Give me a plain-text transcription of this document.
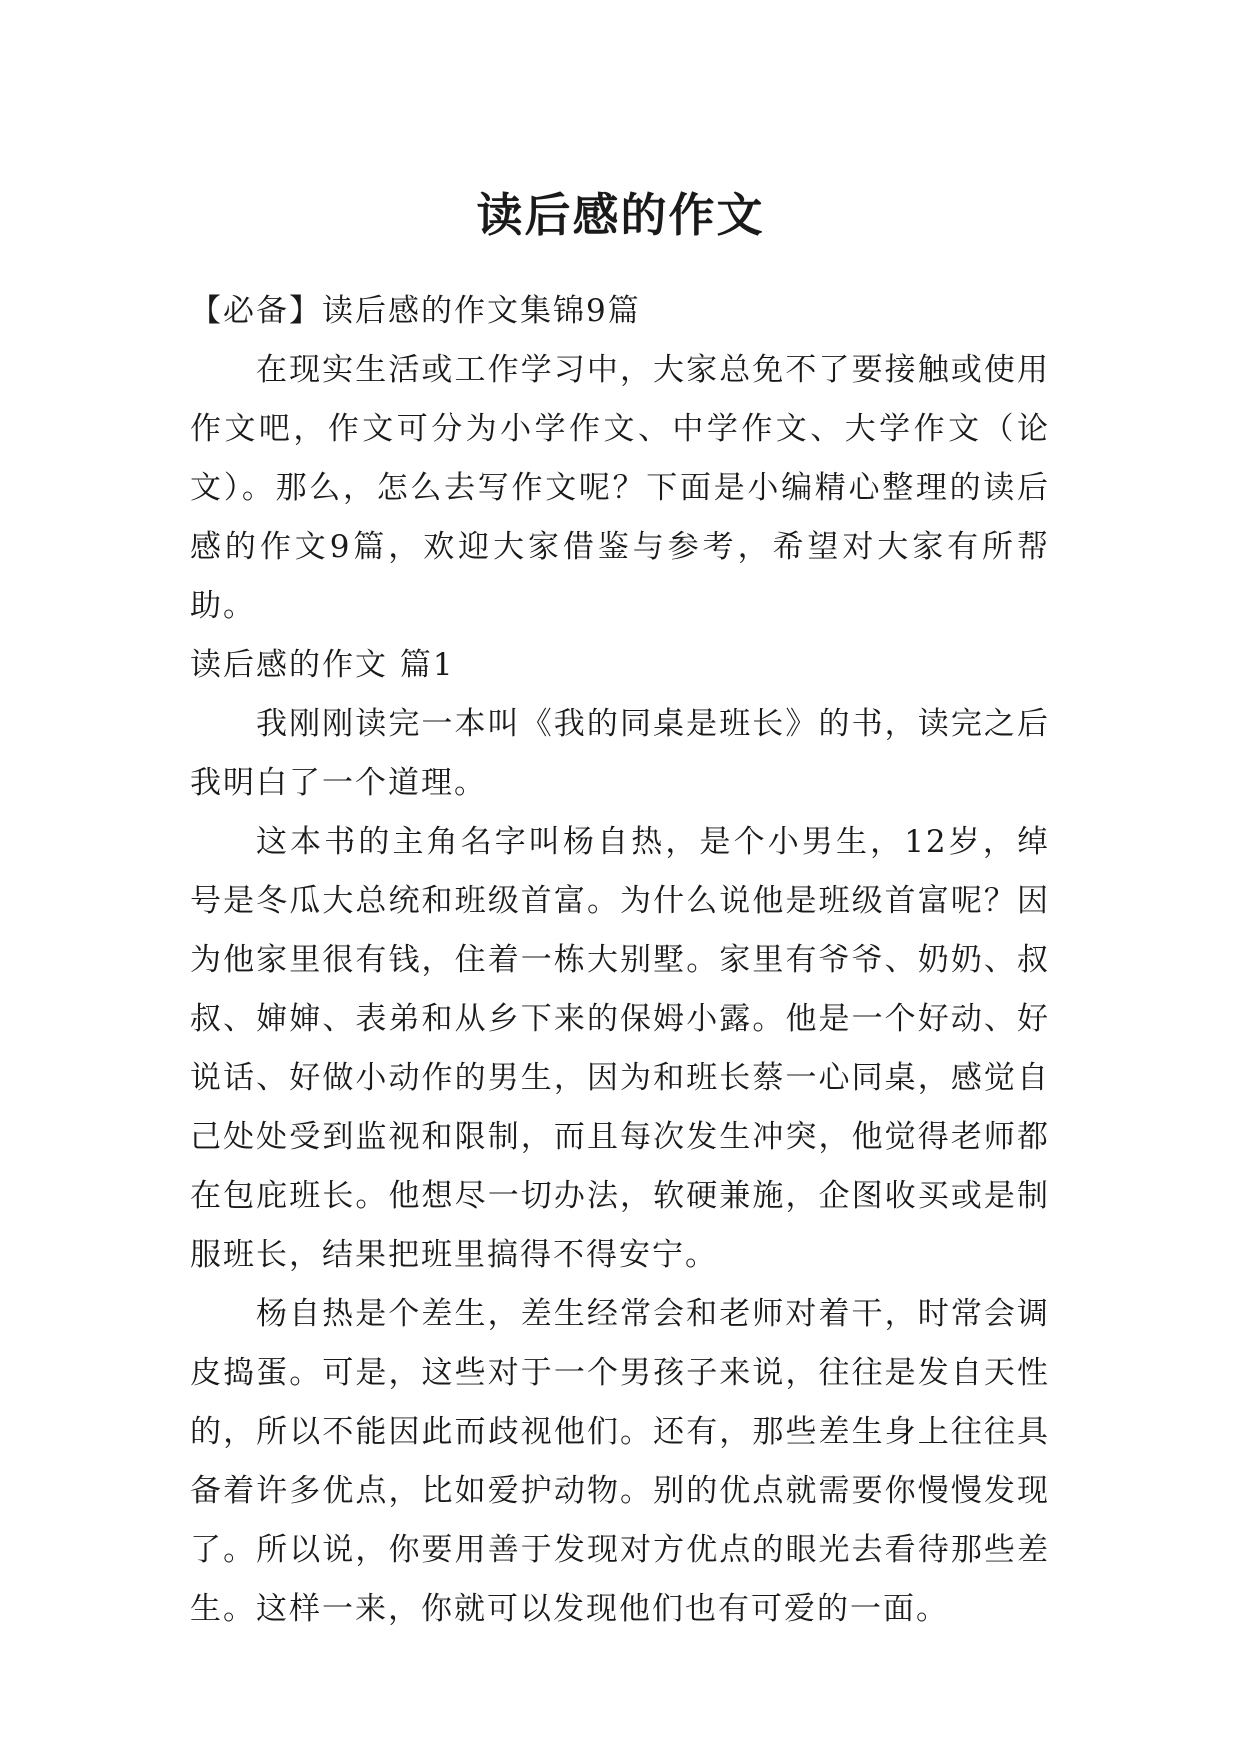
读后感的作文

【必备】读后感的作文集锦9篇

在现实生活或工作学习中，大家总免不了要接触或使用作文吧，作文可分为小学作文、中学作文、大学作文（论文）。那么，怎么去写作文呢？下面是小编精心整理的读后感的作文9篇，欢迎大家借鉴与参考，希望对大家有所帮助。

读后感的作文 篇1

我刚刚读完一本叫《我的同桌是班长》的书，读完之后我明白了一个道理。

这本书的主角名字叫杨自热，是个小男生，12岁，绰号是冬瓜大总统和班级首富。为什么说他是班级首富呢？因为他家里很有钱，住着一栋大别墅。家里有爷爷、奶奶、叔叔、婶婶、表弟和从乡下来的保姆小露。他是一个好动、好说话、好做小动作的男生，因为和班长蔡一心同桌，感觉自己处处受到监视和限制，而且每次发生冲突，他觉得老师都在包庇班长。他想尽一切办法，软硬兼施，企图收买或是制服班长，结果把班里搞得不得安宁。

杨自热是个差生，差生经常会和老师对着干，时常会调皮捣蛋。可是，这些对于一个男孩子来说，往往是发自天性的，所以不能因此而歧视他们。还有，那些差生身上往往具备着许多优点，比如爱护动物。别的优点就需要你慢慢发现了。所以说，你要用善于发现对方优点的眼光去看待那些差生。这样一来，你就可以发现他们也有可爱的一面。
